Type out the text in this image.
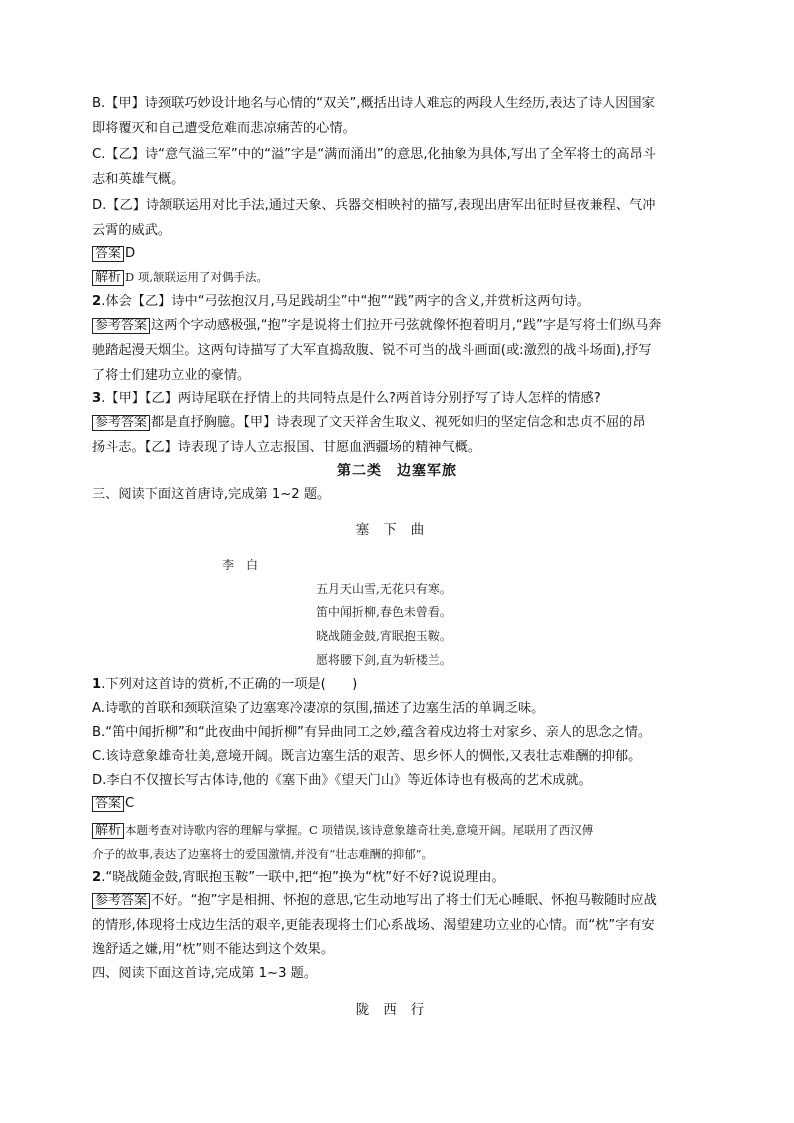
B.【甲】诗颈联巧妙设计地名与心情的“双关”,概括出诗人难忘的两段人生经历,表达了诗人因国家
即将覆灭和自己遭受危难而悲凉痛苦的心情。
C.【乙】诗“意气溢三军”中的“溢”字是“满而涌出”的意思,化抽象为具体,写出了全军将士的高昂斗
志和英雄气概。
D.【乙】诗颔联运用对比手法,通过天象、兵器交相映衬的描写,表现出唐军出征时昼夜兼程、气冲
云霄的威武。
答案 D
解析 D 项,颔联运用了对偶手法。
2.体会【乙】诗中“弓弦抱汉月,马足践胡尘”中“抱”“践”两字的含义,并赏析这两句诗。
参考答案 这两个字动感极强,“抱”字是说将士们拉开弓弦就像怀抱着明月,“践”字是写将士们纵马奔
驰踏起漫天烟尘。这两句诗描写了大军直捣敌腹、锐不可当的战斗画面(或:激烈的战斗场面),抒写
了将士们建功立业的豪情。
3.【甲】【乙】两诗尾联在抒情上的共同特点是什么?两首诗分别抒写了诗人怎样的情感?
参考答案 都是直抒胸臆。【甲】诗表现了文天祥舍生取义、视死如归的坚定信念和忠贞不屈的昂
扬斗志。【乙】诗表现了诗人立志报国、甘愿血洒疆场的精神气概。
第二类　边塞军旅
三、阅读下面这首唐诗,完成第 1~2 题。
塞下曲
李白
五月天山雪,无花只有寒。
笛中闻折柳,春色未曾看。
晓战随金鼓,宵眠抱玉鞍。
愿将腰下剑,直为斩楼兰。
1.下列对这首诗的赏析,不正确的一项是(　　)
A.诗歌的首联和颈联渲染了边塞寒冷凄凉的氛围,描述了边塞生活的单调乏味。
B.“笛中闻折柳”和“此夜曲中闻折柳”有异曲同工之妙,蕴含着戍边将士对家乡、亲人的思念之情。
C.该诗意象雄奇壮美,意境开阔。既言边塞生活的艰苦、思乡怀人的惆怅,又表壮志难酬的抑郁。
D.李白不仅擅长写古体诗,他的《塞下曲》《望天门山》等近体诗也有极高的艺术成就。
答案 C
解析 本题考查对诗歌内容的理解与掌握。C 项错误,该诗意象雄奇壮美,意境开阔。尾联用了西汉傅
介子的故事,表达了边塞将士的爱国激情,并没有“壮志难酬的抑郁”。
2.“晓战随金鼓,宵眠抱玉鞍”一联中,把“抱”换为“枕”好不好?说说理由。
参考答案 不好。“抱”字是相拥、怀抱的意思,它生动地写出了将士们无心睡眠、怀抱马鞍随时应战
的情形,体现将士戍边生活的艰辛,更能表现将士们心系战场、渴望建功立业的心情。而“枕”字有安
逸舒适之嫌,用“枕”则不能达到这个效果。
四、阅读下面这首诗,完成第 1~3 题。
陇西行
